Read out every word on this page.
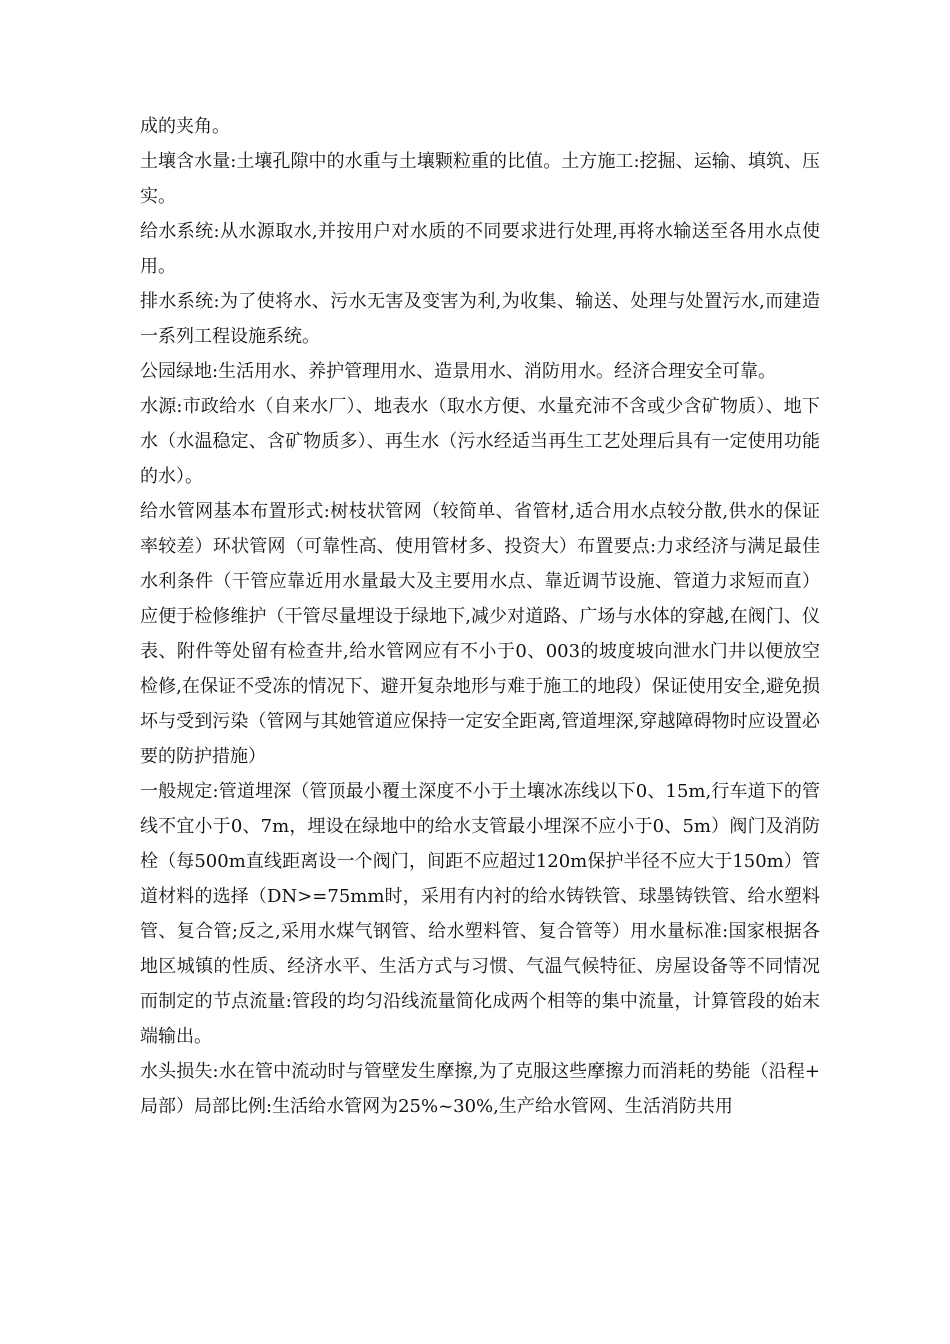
成的夹角。

土壤含水量:土壤孔隙中的水重与土壤颗粒重的比值。土方施工:挖掘、运输、填筑、压实。

给水系统:从水源取水,并按用户对水质的不同要求进行处理,再将水输送至各用水点使用。

排水系统:为了使将水、污水无害及变害为利,为收集、输送、处理与处置污水,而建造一系列工程设施系统。

公园绿地:生活用水、养护管理用水、造景用水、消防用水。经济合理安全可靠。

水源:市政给水（自来水厂）、地表水（取水方便、水量充沛不含或少含矿物质）、地下水（水温稳定、含矿物质多）、再生水（污水经适当再生工艺处理后具有一定使用功能的水）。

给水管网基本布置形式:树枝状管网（较简单、省管材,适合用水点较分散,供水的保证率较差）环状管网（可靠性高、使用管材多、投资大）布置要点:力求经济与满足最佳水利条件（干管应靠近用水量最大及主要用水点、靠近调节设施、管道力求短而直）应便于检修维护（干管尽量埋设于绿地下,减少对道路、广场与水体的穿越,在阀门、仪表、附件等处留有检查井,给水管网应有不小于0、003的坡度坡向泄水门井以便放空检修,在保证不受冻的情况下、避开复杂地形与难于施工的地段）保证使用安全,避免损坏与受到污染（管网与其她管道应保持一定安全距离,管道埋深,穿越障碍物时应设置必要的防护措施）

一般规定:管道埋深（管顶最小覆土深度不小于土壤冰冻线以下0、15m,行车道下的管线不宜小于0、7m，埋设在绿地中的给水支管最小埋深不应小于0、5m）阀门及消防栓（每500m直线距离设一个阀门，间距不应超过120m保护半径不应大于150m）管道材料的选择（DN>=75mm时，采用有内衬的给水铸铁管、球墨铸铁管、给水塑料管、复合管;反之,采用水煤气钢管、给水塑料管、复合管等）用水量标准:国家根据各地区城镇的性质、经济水平、生活方式与习惯、气温气候特征、房屋设备等不同情况而制定的节点流量:管段的均匀沿线流量简化成两个相等的集中流量，计算管段的始末端输出。

水头损失:水在管中流动时与管壁发生摩擦,为了克服这些摩擦力而消耗的势能（沿程+局部）局部比例:生活给水管网为25%~30%,生产给水管网、生活消防共用
